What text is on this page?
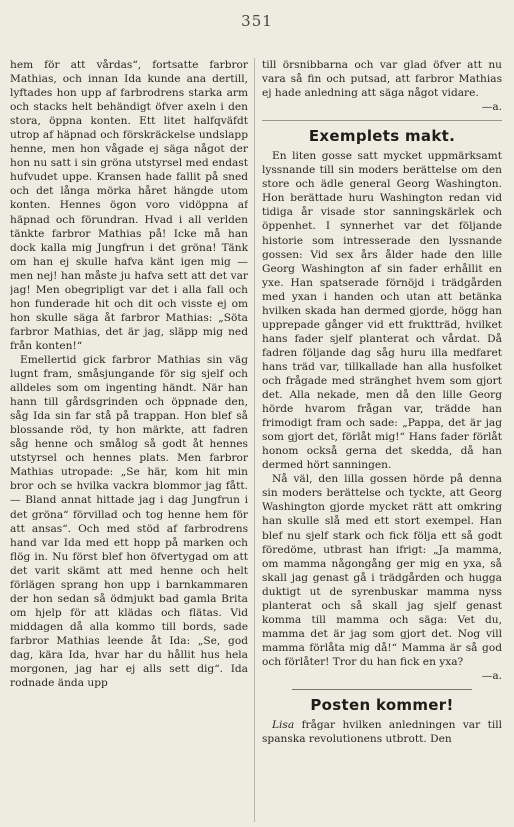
351

hem för att vårdas“, fortsatte farbror Mathias, och innan Ida kunde ana dertill, lyftades hon upp af farbrodrens starka arm och stacks helt behändigt öfver axeln i den stora, öppna konten. Ett litet halfqväfdt utrop af häpnad och förskräckelse undslapp henne, men hon vågade ej säga något der hon nu satt i sin gröna utstyrsel med endast hufvudet uppe. Kransen hade fallit på sned och det långa mörka håret hängde utom konten. Hennes ögon voro vidöppna af häpnad och förundran. Hvad i all verlden tänkte farbror Mathias på! Icke må han dock kalla mig Jungfrun i det gröna! Tänk om han ej skulle hafva känt igen mig — men nej! han måste ju hafva sett att det var jag! Men obegripligt var det i alla fall och hon funderade hit och dit och visste ej om hon skulle säga åt farbror Mathias: „Söta farbror Mathias, det är jag, släpp mig ned från konten!“

Emellertid gick farbror Mathias sin väg lugnt fram, småsjungande för sig sjelf och alldeles som om ingenting händt. När han hann till gårdsgrinden och öppnade den, såg Ida sin far stå på trappan. Hon blef så blossande röd, ty hon märkte, att fadren såg henne och smålog så godt åt hennes utstyrsel och hennes plats. Men farbror Mathias utropade: „Se här, kom hit min bror och se hvilka vackra blommor jag fått. — Bland annat hittade jag i dag Jungfrun i det gröna“ förvillad och tog henne hem för att ansas“. Och med stöd af farbrodrens hand var Ida med ett hopp på marken och flög in. Nu först blef hon öfvertygad om att det varit skämt att med henne och helt förlägen sprang hon upp i barnkammaren der hon sedan så ödmjukt bad gamla Brita om hjelp för att klädas och flätas. Vid middagen då alla kommo till bords, sade farbror Mathias leende åt Ida: „Se, god dag, kära Ida, hvar har du hållit hus hela morgonen, jag har ej alls sett dig“. Ida rodnade ända upp

till örsnibbarna och var glad öfver att nu vara så fin och putsad, att farbror Mathias ej hade anledning att säga något vidare.

—a.

Exemplets makt.

En liten gosse satt mycket uppmärksamt lyssnande till sin moders berättelse om den store och ädle general Georg Washington. Hon berättade huru Washington redan vid tidiga år visade stor sanningskärlek och öppenhet. I synnerhet var det följande historie som intresserade den lyssnande gossen: Vid sex års ålder hade den lille Georg Washington af sin fader erhållit en yxe. Han spatserade förnöjd i trädgården med yxan i handen och utan att betänka hvilken skada han dermed gjorde, högg han upprepade gånger vid ett fruktträd, hvilket hans fader sjelf planterat och vårdat. Då fadren följande dag såg huru illa medfaret hans träd var, tillkallade han alla husfolket och frågade med stränghet hvem som gjort det. Alla nekade, men då den lille Georg hörde hvarom frågan var, trädde han frimodigt fram och sade: „Pappa, det är jag som gjort det, förlåt mig!“ Hans fader förlåt honom också gerna det skedda, då han dermed hört sanningen.

Nå väl, den lilla gossen hörde på denna sin moders berättelse och tyckte, att Georg Washington gjorde mycket rätt att omkring han skulle slå med ett stort exempel. Han blef nu sjelf stark och fick följa ett så godt föredöme, utbrast han ifrigt: „Ja mamma, om mamma någongång ger mig en yxa, så skall jag genast gå i trädgården och hugga duktigt ut de syrenbuskar mamma nyss planterat och så skall jag sjelf genast komma till mamma och säga: Vet du, mamma det är jag som gjort det. Nog vill mamma förlåta mig då!“ Mamma är så god och förlåter! Tror du han fick en yxa?

—a.

Posten kommer!

Lisa frågar hvilken anledningen var till spanska revolutionens utbrott. Den
